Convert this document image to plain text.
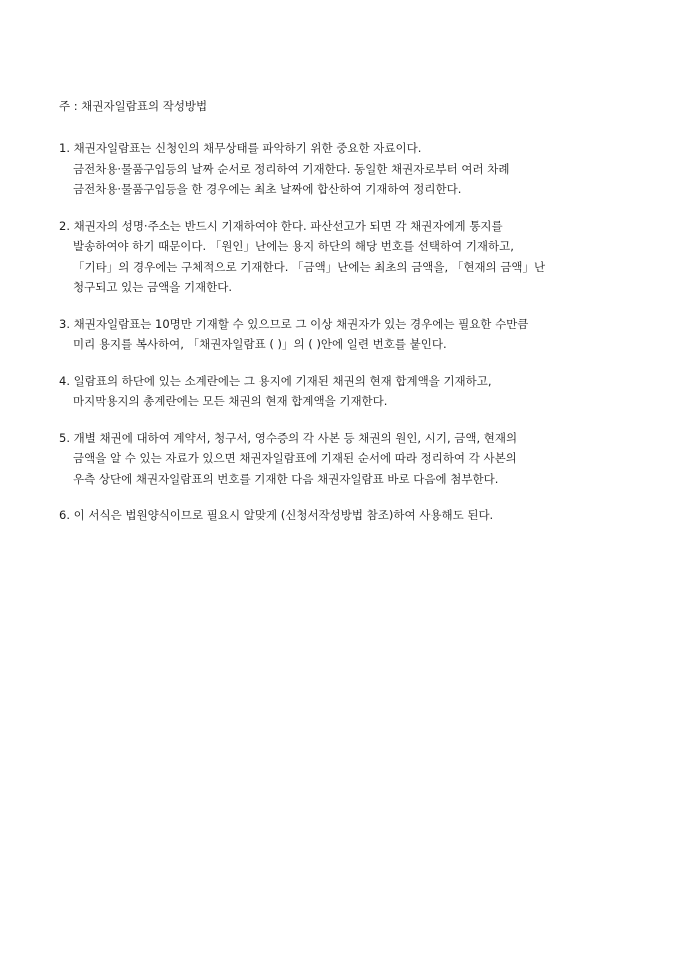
주 : 채권자일람표의 작성방법
1. 채권자일람표는 신청인의 채무상태를 파악하기 위한 중요한 자료이다.
금전차용·물품구입등의 날짜 순서로 정리하여 기재한다. 동일한 채권자로부터 여러 차례
금전차용·물품구입등을 한 경우에는 최초 날짜에 합산하여 기재하여 정리한다.
2. 채권자의 성명·주소는 반드시 기재하여야 한다. 파산선고가 되면 각 채권자에게 통지를
발송하여야 하기 때문이다. 「원인」난에는 용지 하단의 해당 번호를 선택하여 기재하고,
「기타」의 경우에는 구체적으로 기재한다. 「금액」난에는 최초의 금액을, 「현재의 금액」난
청구되고 있는 금액을 기재한다.
3. 채권자일람표는 10명만 기재할 수 있으므로 그 이상 채권자가 있는 경우에는 필요한 수만큼
미리 용지를 복사하여, 「채권자일람표 ( )」의 ( )안에 일련 번호를 붙인다.
4. 일람표의 하단에 있는 소계란에는 그 용지에 기재된 채권의 현재 합계액을 기재하고,
마지막용지의 총계란에는 모든 채권의 현재 합계액을 기재한다.
5. 개별 채권에 대하여 계약서, 청구서, 영수증의 각 사본 등 채권의 원인, 시기, 금액, 현재의
금액을 알 수 있는 자료가 있으면 채권자일람표에 기재된 순서에 따라 정리하여 각 사본의
우측 상단에 채권자일람표의 번호를 기재한 다음 채권자일람표 바로 다음에 첨부한다.
6. 이 서식은 법원양식이므로 필요시 알맞게 (신청서작성방법 참조)하여 사용해도 된다.
